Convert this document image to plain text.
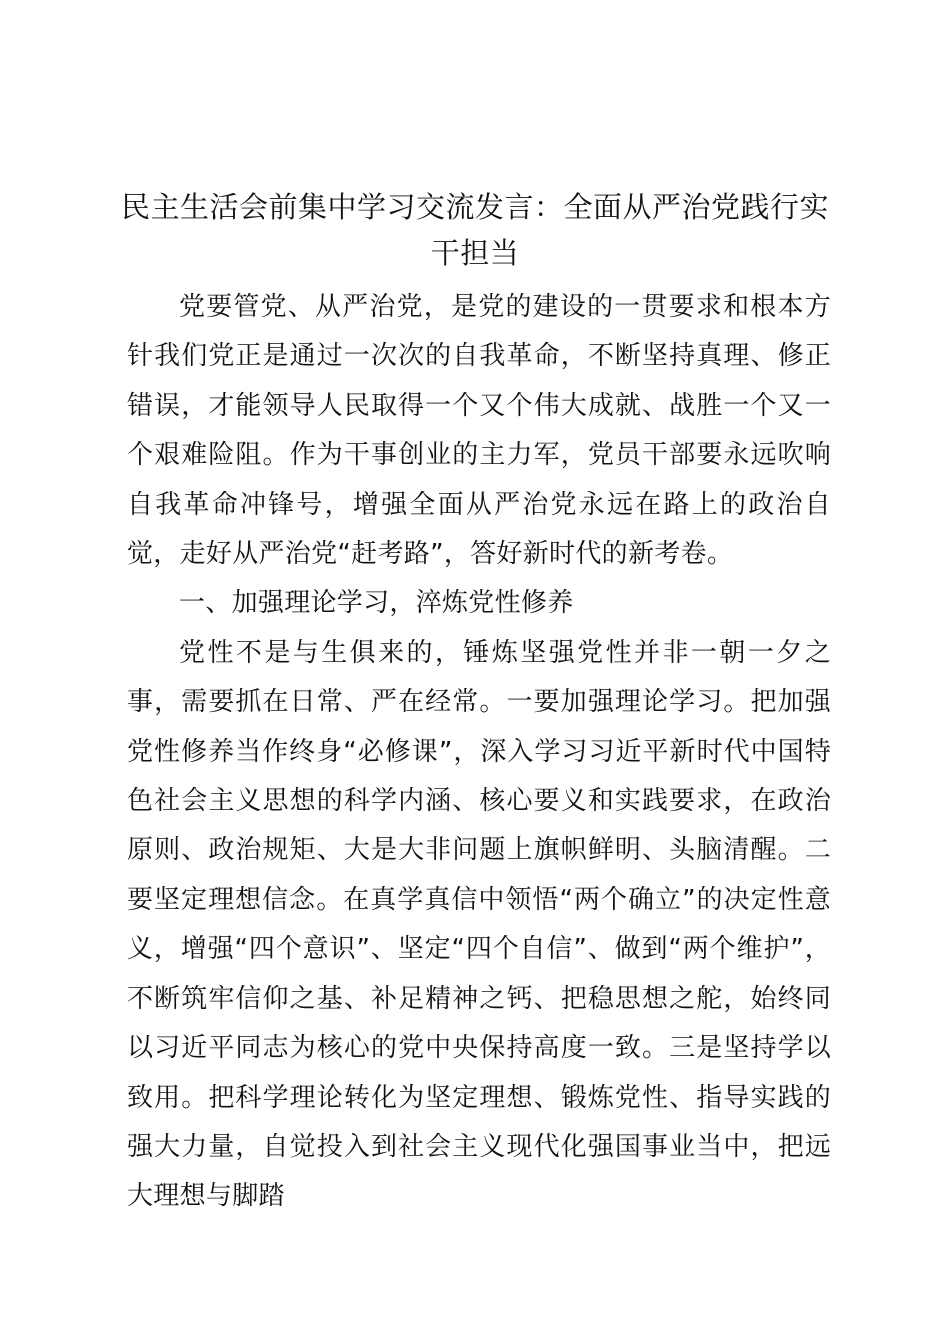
民主生活会前集中学习交流发言：全面从严治党践行实干担当

党要管党、从严治党，是党的建设的一贯要求和根本方针我们党正是通过一次次的自我革命，不断坚持真理、修正错误，才能领导人民取得一个又个伟大成就、战胜一个又一个艰难险阻。作为干事创业的主力军，党员干部要永远吹响自我革命冲锋号，增强全面从严治党永远在路上的政治自觉，走好从严治党“赶考路”，答好新时代的新考卷。

一、加强理论学习，淬炼党性修养

党性不是与生俱来的，锤炼坚强党性并非一朝一夕之事，需要抓在日常、严在经常。一要加强理论学习。把加强党性修养当作终身“必修课”，深入学习习近平新时代中国特色社会主义思想的科学内涵、核心要义和实践要求，在政治原则、政治规矩、大是大非问题上旗帜鲜明、头脑清醒。二要坚定理想信念。在真学真信中领悟“两个确立”的决定性意义，增强“四个意识”、坚定“四个自信”、做到“两个维护”，不断筑牢信仰之基、补足精神之钙、把稳思想之舵，始终同以习近平同志为核心的党中央保持高度一致。三是坚持学以致用。把科学理论转化为坚定理想、锻炼党性、指导实践的强大力量，自觉投入到社会主义现代化强国事业当中，把远大理想与脚踏
